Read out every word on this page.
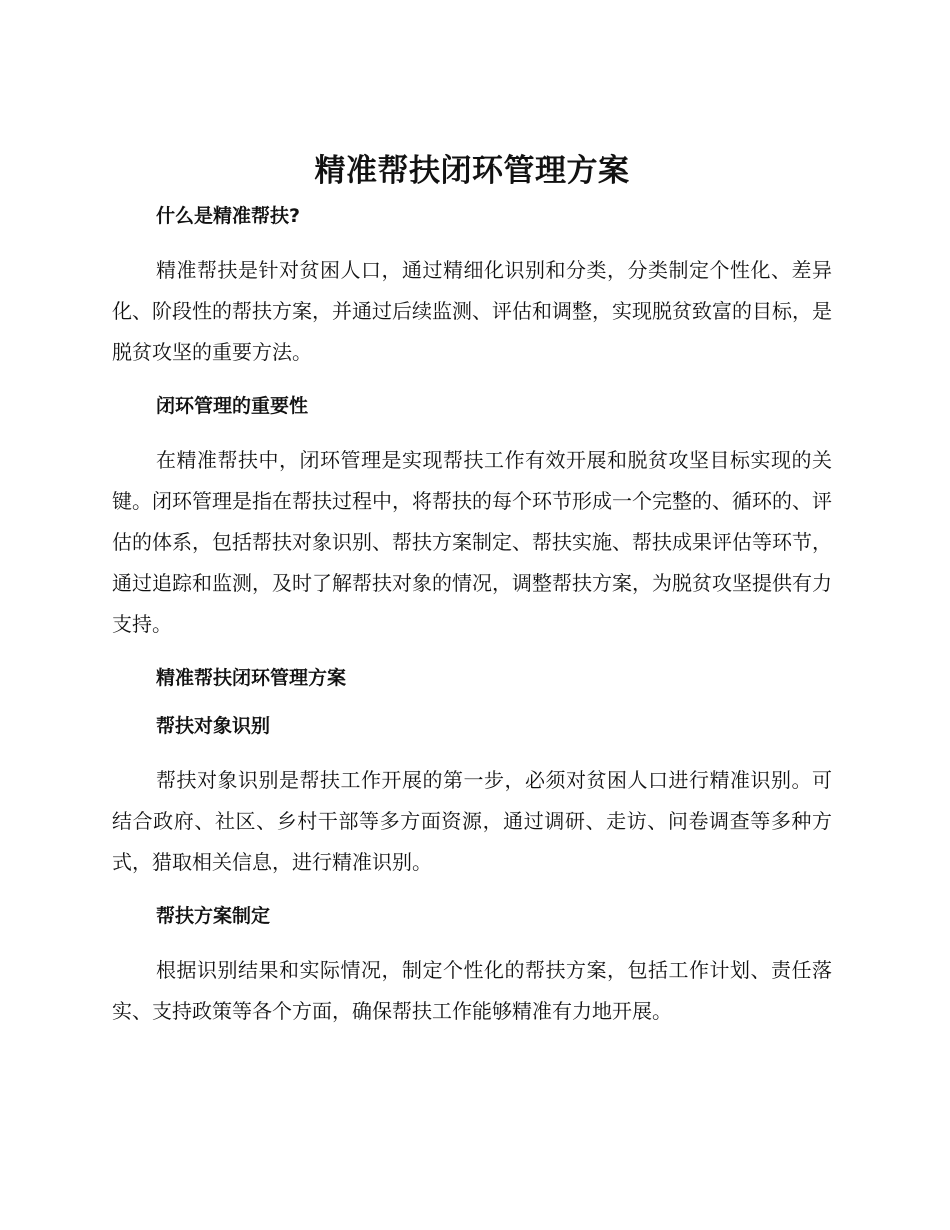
精准帮扶闭环管理方案
什么是精准帮扶?

精准帮扶是针对贫困人口，通过精细化识别和分类，分类制定个性化、差异化、阶段性的帮扶方案，并通过后续监测、评估和调整，实现脱贫致富的目标，是脱贫攻坚的重要方法。

闭环管理的重要性

在精准帮扶中，闭环管理是实现帮扶工作有效开展和脱贫攻坚目标实现的关键。闭环管理是指在帮扶过程中，将帮扶的每个环节形成一个完整的、循环的、评估的体系，包括帮扶对象识别、帮扶方案制定、帮扶实施、帮扶成果评估等环节，通过追踪和监测，及时了解帮扶对象的情况，调整帮扶方案，为脱贫攻坚提供有力支持。

精准帮扶闭环管理方案
帮扶对象识别

帮扶对象识别是帮扶工作开展的第一步，必须对贫困人口进行精准识别。可结合政府、社区、乡村干部等多方面资源，通过调研、走访、问卷调查等多种方式，猎取相关信息，进行精准识别。

帮扶方案制定

根据识别结果和实际情况，制定个性化的帮扶方案，包括工作计划、责任落实、支持政策等各个方面，确保帮扶工作能够精准有力地开展。
